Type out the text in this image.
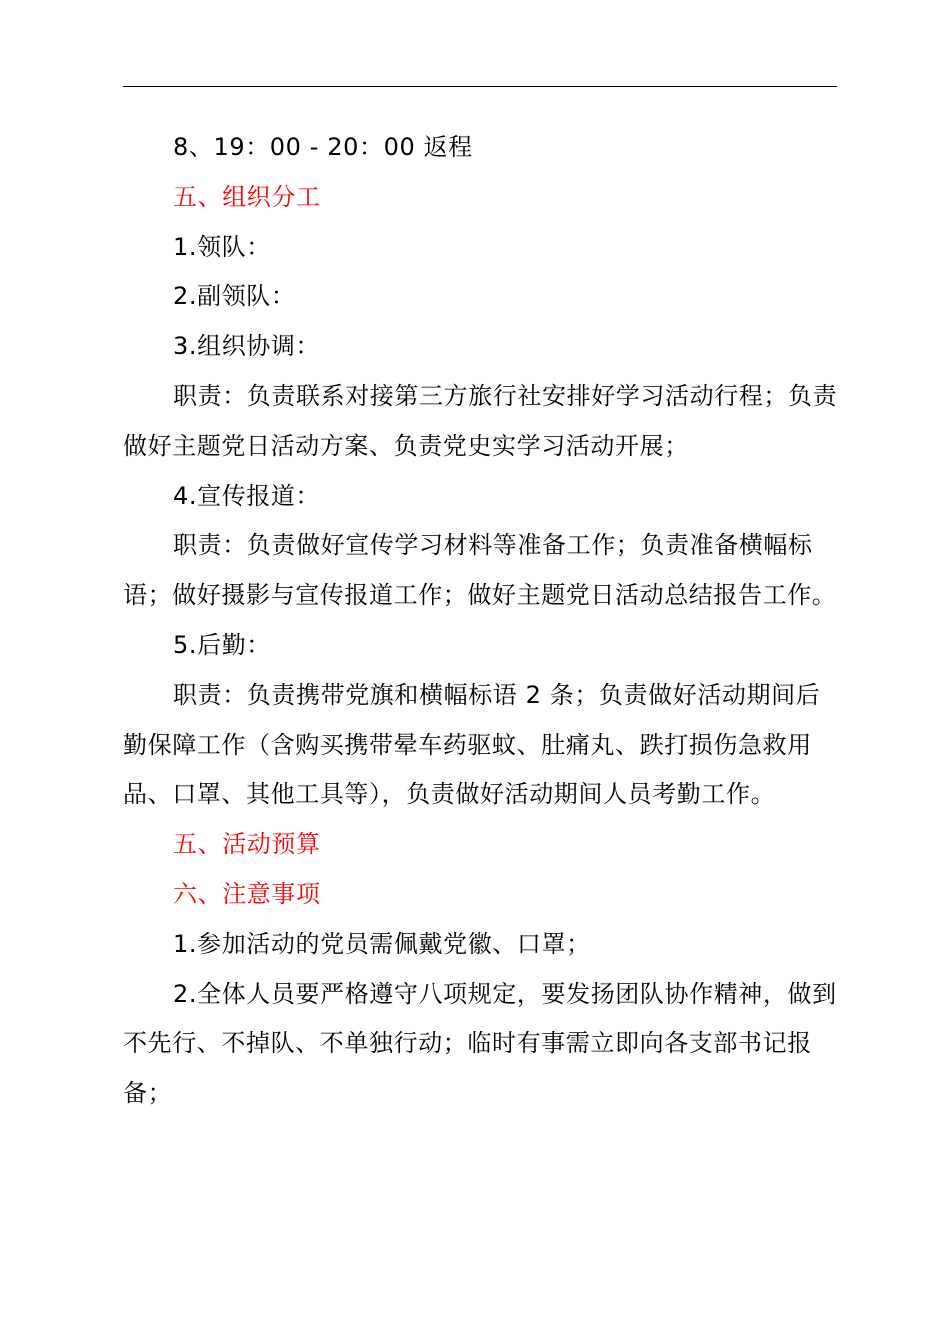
8、19：00 - 20：00 返程

五、组织分工

1.领队：

2.副领队：

3.组织协调：

职责：负责联系对接第三方旅行社安排好学习活动行程；负责做好主题党日活动方案、负责党史实学习活动开展；

4.宣传报道：

职责：负责做好宣传学习材料等准备工作；负责准备横幅标语；做好摄影与宣传报道工作；做好主题党日活动总结报告工作。

5.后勤：

职责：负责携带党旗和横幅标语 2 条；负责做好活动期间后勤保障工作（含购买携带晕车药驱蚊、肚痛丸、跌打损伤急救用品、口罩、其他工具等），负责做好活动期间人员考勤工作。

五、活动预算

六、注意事项

1.参加活动的党员需佩戴党徽、口罩；

2.全体人员要严格遵守八项规定，要发扬团队协作精神，做到不先行、不掉队、不单独行动；临时有事需立即向各支部书记报备；
